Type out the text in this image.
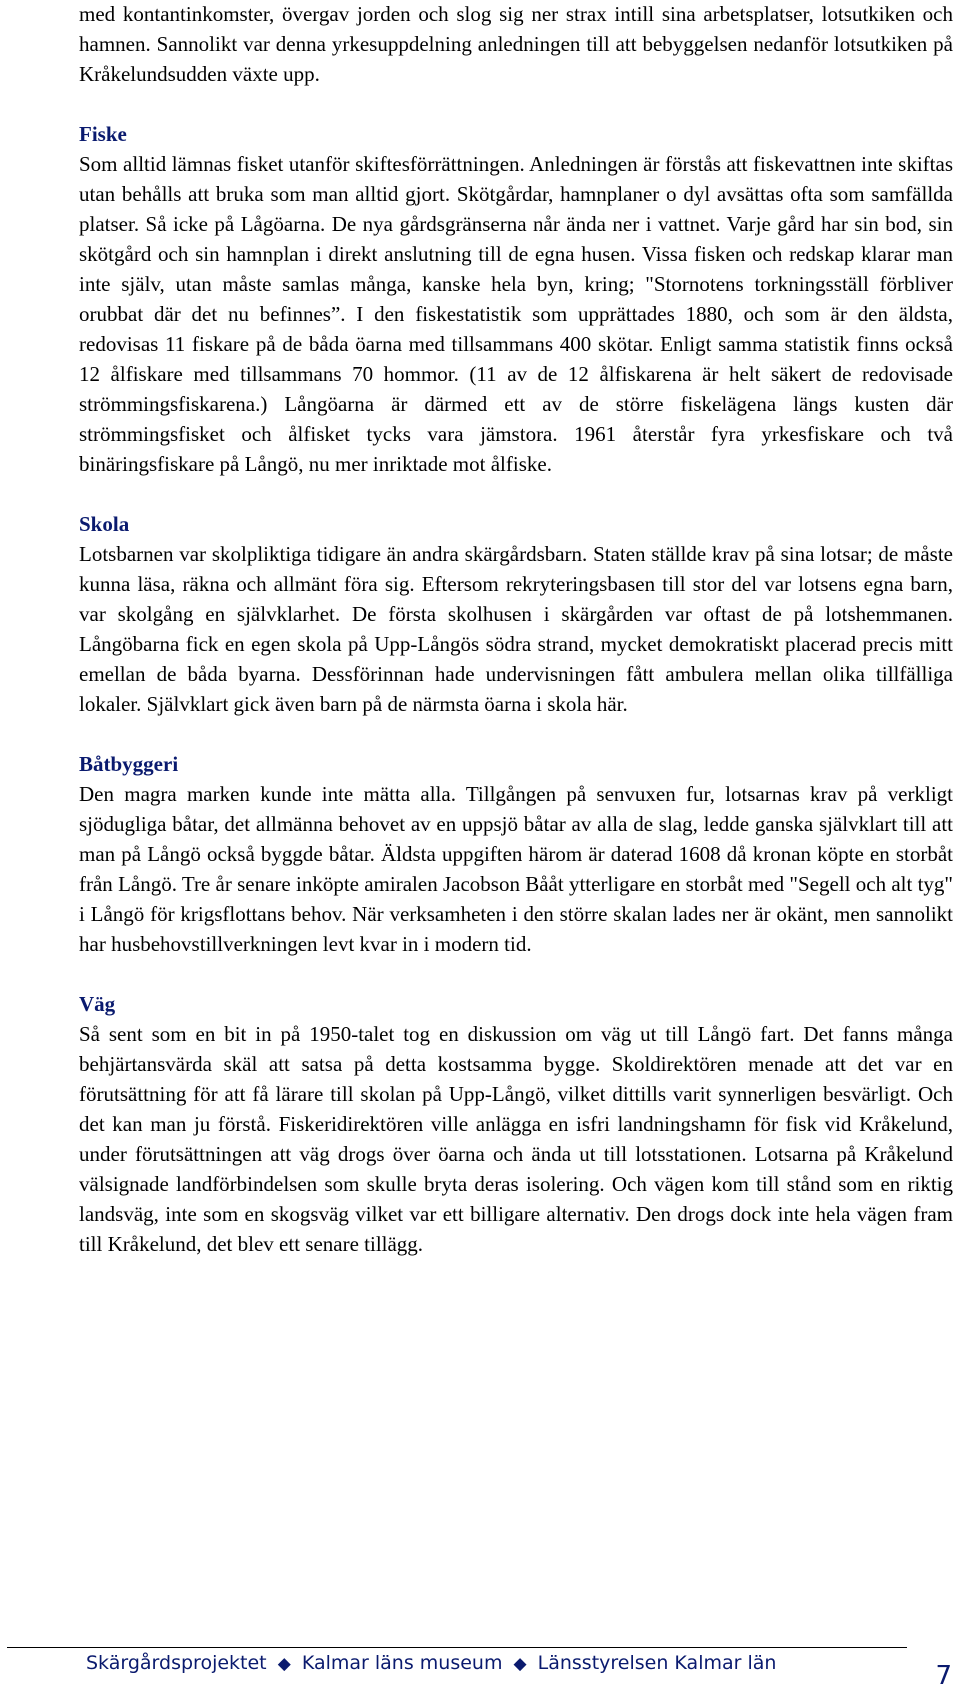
med kontantinkomster, övergav jorden och slog sig ner strax intill sina arbetsplatser, lotsutkiken och hamnen. Sannolikt var denna yrkesuppdelning anledningen till att bebyggelsen nedanför lotsutkiken på Kråkelundsudden växte upp.

Fiske

Som alltid lämnas fisket utanför skiftesförrättningen. Anledningen är förstås att fiskevattnen inte skiftas utan behålls att bruka som man alltid gjort. Skötgårdar, hamnplaner o dyl avsättas ofta som samfällda platser. Så icke på Lågöarna. De nya gårdsgränserna når ända ner i vattnet. Varje gård har sin bod, sin skötgård och sin hamnplan i direkt anslutning till de egna husen. Vissa fisken och redskap klarar man inte själv, utan måste samlas många, kanske hela byn, kring; "Stornotens torkningsställ förbliver orubbat där det nu befinnes”. I den fiskestatistik som upprättades 1880, och som är den äldsta, redovisas 11 fiskare på de båda öarna med tillsammans 400 skötar. Enligt samma statistik finns också 12 ålfiskare med tillsammans 70 hommor. (11 av de 12 ålfiskarena är helt säkert de redovisade strömmingsfiskarena.) Långöarna är därmed ett av de större fiskelägena längs kusten där strömmingsfisket och ålfisket tycks vara jämstora. 1961 återstår fyra yrkesfiskare och två binäringsfiskare på Långö, nu mer inriktade mot ålfiske.

Skola

Lotsbarnen var skolpliktiga tidigare än andra skärgårdsbarn. Staten ställde krav på sina lotsar; de måste kunna läsa, räkna och allmänt föra sig. Eftersom rekryteringsbasen till stor del var lotsens egna barn, var skolgång en självklarhet. De första skolhusen i skärgården var oftast de på lotshemmanen. Långöbarna fick en egen skola på Upp-Långös södra strand, mycket demokratiskt placerad precis mitt emellan de båda byarna. Dessförinnan hade undervisningen fått ambulera mellan olika tillfälliga lokaler. Självklart gick även barn på de närmsta öarna i skola här.

Båtbyggeri

Den magra marken kunde inte mätta alla. Tillgången på senvuxen fur, lotsarnas krav på verkligt sjödugliga båtar, det allmänna behovet av en uppsjö båtar av alla de slag, ledde ganska självklart till att man på Långö också byggde båtar. Äldsta uppgiften härom är daterad 1608 då kronan köpte en storbåt från Långö. Tre år senare inköpte amiralen Jacobson Bååt ytterligare en storbåt med "Segell och alt tyg" i Långö för krigsflottans behov. När verksamheten i den större skalan lades ner är okänt, men sannolikt har husbehovstillverkningen levt kvar in i modern tid.

Väg

Så sent som en bit in på 1950-talet tog en diskussion om väg ut till Långö fart. Det fanns många behjärtansvärda skäl att satsa på detta kostsamma bygge. Skoldirektören menade att det var en förutsättning för att få lärare till skolan på Upp-Långö, vilket dittills varit synnerligen besvärligt. Och det kan man ju förstå. Fiskeridirektören ville anlägga en isfri landningshamn för fisk vid Kråkelund, under förutsättningen att väg drogs över öarna och ända ut till lotsstationen. Lotsarna på Kråkelund välsignade landförbindelsen som skulle bryta deras isolering. Och vägen kom till stånd som en riktig landsväg, inte som en skogsväg vilket var ett billigare alternativ. Den drogs dock inte hela vägen fram till Kråkelund, det blev ett senare tillägg.

Skärgårdsprojektet ◆ Kalmar läns museum ◆ Länsstyrelsen Kalmar län	7
